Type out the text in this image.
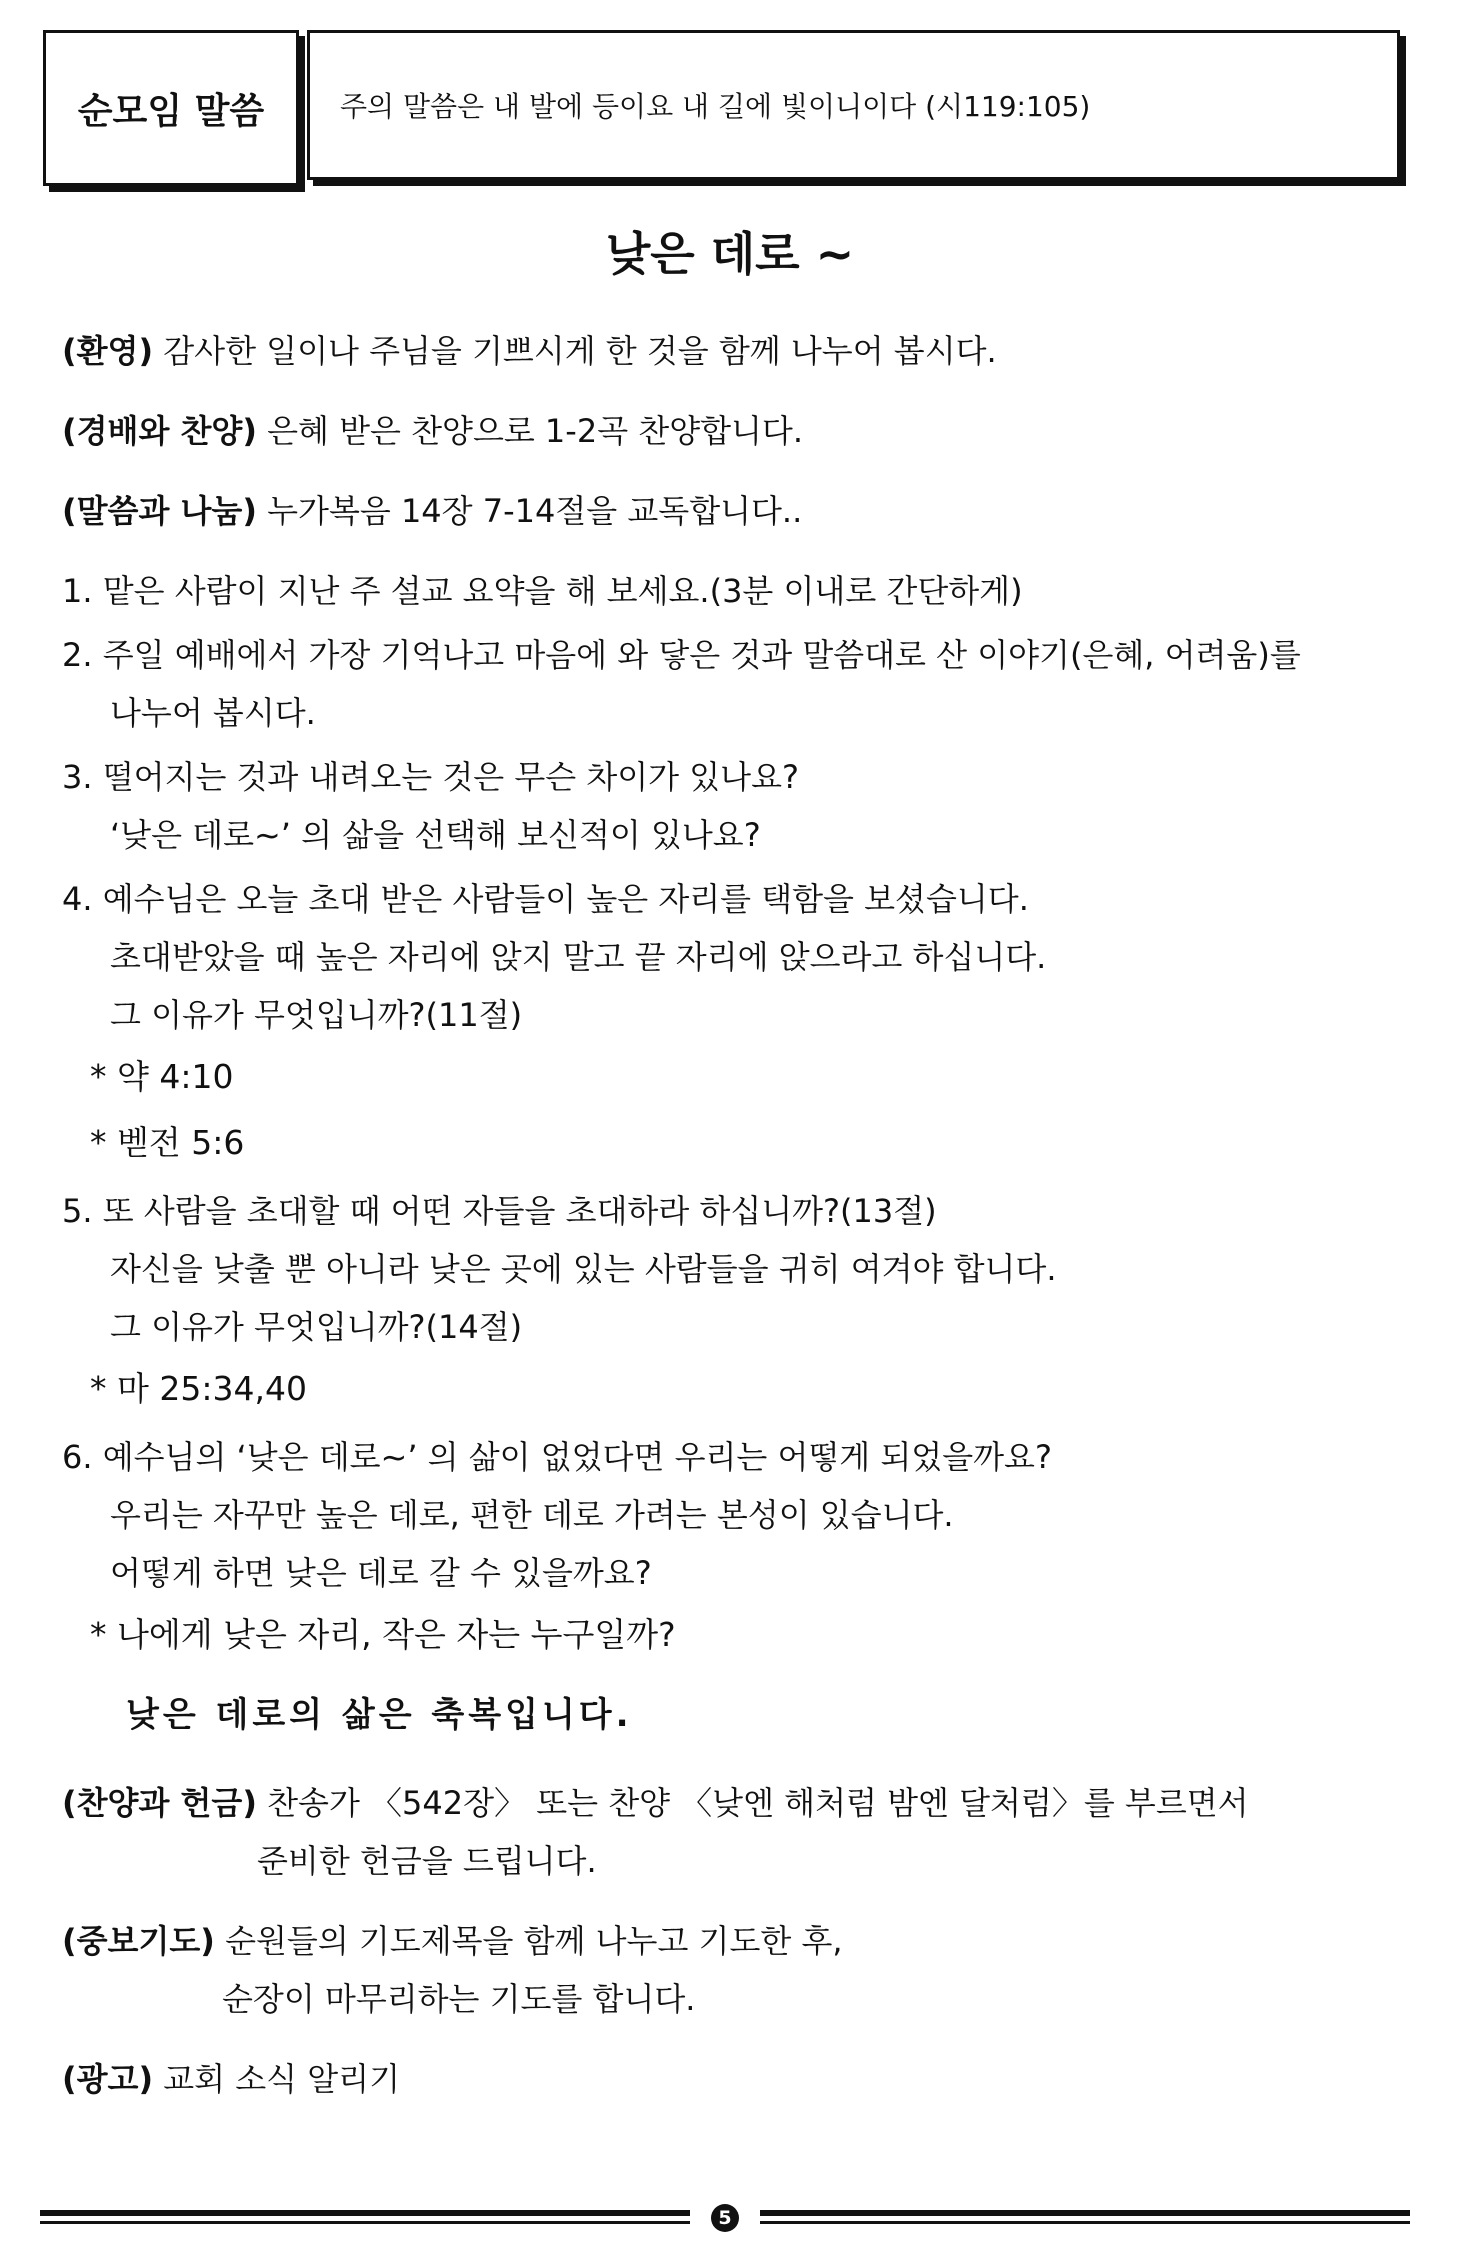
순모임 말씀	주의 말씀은 내 발에 등이요 내 길에 빛이니이다 (시119:105)
낮은 데로 ~
(환영) 감사한 일이나 주님을 기쁘시게 한 것을 함께 나누어 봅시다.
(경배와 찬양) 은혜 받은 찬양으로 1-2곡 찬양합니다.
(말씀과 나눔) 누가복음 14장 7-14절을 교독합니다..
1. 맡은 사람이 지난 주 설교 요약을 해 보세요.(3분 이내로 간단하게)
2. 주일 예배에서 가장 기억나고 마음에 와 닿은 것과 말씀대로 산 이야기(은혜, 어려움)를
나누어 봅시다.
3. 떨어지는 것과 내려오는 것은 무슨 차이가 있나요?
‘낮은 데로~’ 의 삶을 선택해 보신적이 있나요?
4. 예수님은 오늘 초대 받은 사람들이 높은 자리를 택함을 보셨습니다.
초대받았을 때 높은 자리에 앉지 말고 끝 자리에 앉으라고 하십니다.
그 이유가 무엇입니까?(11절)
* 약 4:10
* 벧전 5:6
5. 또 사람을 초대할 때 어떤 자들을 초대하라 하십니까?(13절)
자신을 낮출 뿐 아니라 낮은 곳에 있는 사람들을 귀히 여겨야 합니다.
그 이유가 무엇입니까?(14절)
* 마 25:34,40
6. 예수님의 ‘낮은 데로~’ 의 삶이 없었다면 우리는 어떻게 되었을까요?
우리는 자꾸만 높은 데로, 편한 데로 가려는 본성이 있습니다.
어떻게 하면 낮은 데로 갈 수 있을까요?
* 나에게 낮은 자리, 작은 자는 누구일까?
낮은 데로의 삶은 축복입니다.
(찬양과 헌금) 찬송가 〈542장〉 또는 찬양 〈낮엔 해처럼 밤엔 달처럼〉를 부르면서
준비한 헌금을 드립니다.
(중보기도) 순원들의 기도제목을 함께 나누고 기도한 후,
순장이 마무리하는 기도를 합니다.
(광고) 교회 소식 알리기
5
